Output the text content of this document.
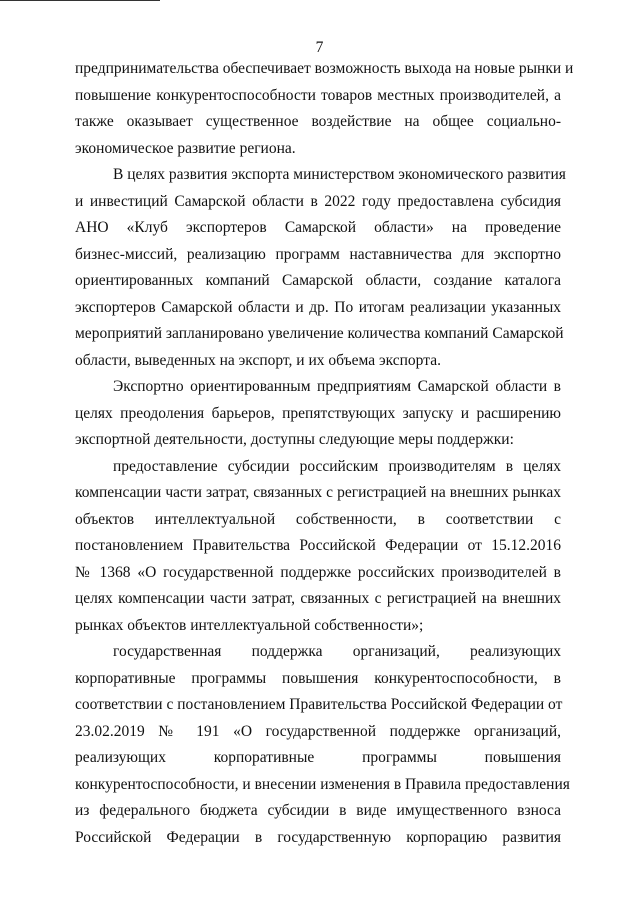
7

предпринимательства обеспечивает возможность выхода на новые рынки и
повышение конкурентоспособности товаров местных производителей, а
также оказывает существенное воздействие на общее социально-
экономическое развитие региона.

В целях развития экспорта министерством экономического развития
и инвестиций Самарской области в 2022 году предоставлена субсидия
АНО «Клуб экспортеров Самарской области» на проведение
бизнес-миссий, реализацию программ наставничества для экспортно
ориентированных компаний Самарской области, создание каталога
экспортеров Самарской области и др. По итогам реализации указанных
мероприятий запланировано увеличение количества компаний Самарской
области, выведенных на экспорт, и их объема экспорта.

Экспортно ориентированным предприятиям Самарской области в
целях преодоления барьеров, препятствующих запуску и расширению
экспортной деятельности, доступны следующие меры поддержки:

предоставление субсидии российским производителям в целях
компенсации части затрат, связанных с регистрацией на внешних рынках
объектов интеллектуальной собственности, в соответствии с
постановлением Правительства Российской Федерации от 15.12.2016
№ 1368 «О государственной поддержке российских производителей в
целях компенсации части затрат, связанных с регистрацией на внешних
рынках объектов интеллектуальной собственности»;

государственная поддержка организаций, реализующих
корпоративные программы повышения конкурентоспособности, в
соответствии с постановлением Правительства Российской Федерации от
23.02.2019 № 191 «О государственной поддержке организаций,
реализующих корпоративные программы повышения
конкурентоспособности, и внесении изменения в Правила предоставления
из федерального бюджета субсидии в виде имущественного взноса
Российской Федерации в государственную корпорацию развития
